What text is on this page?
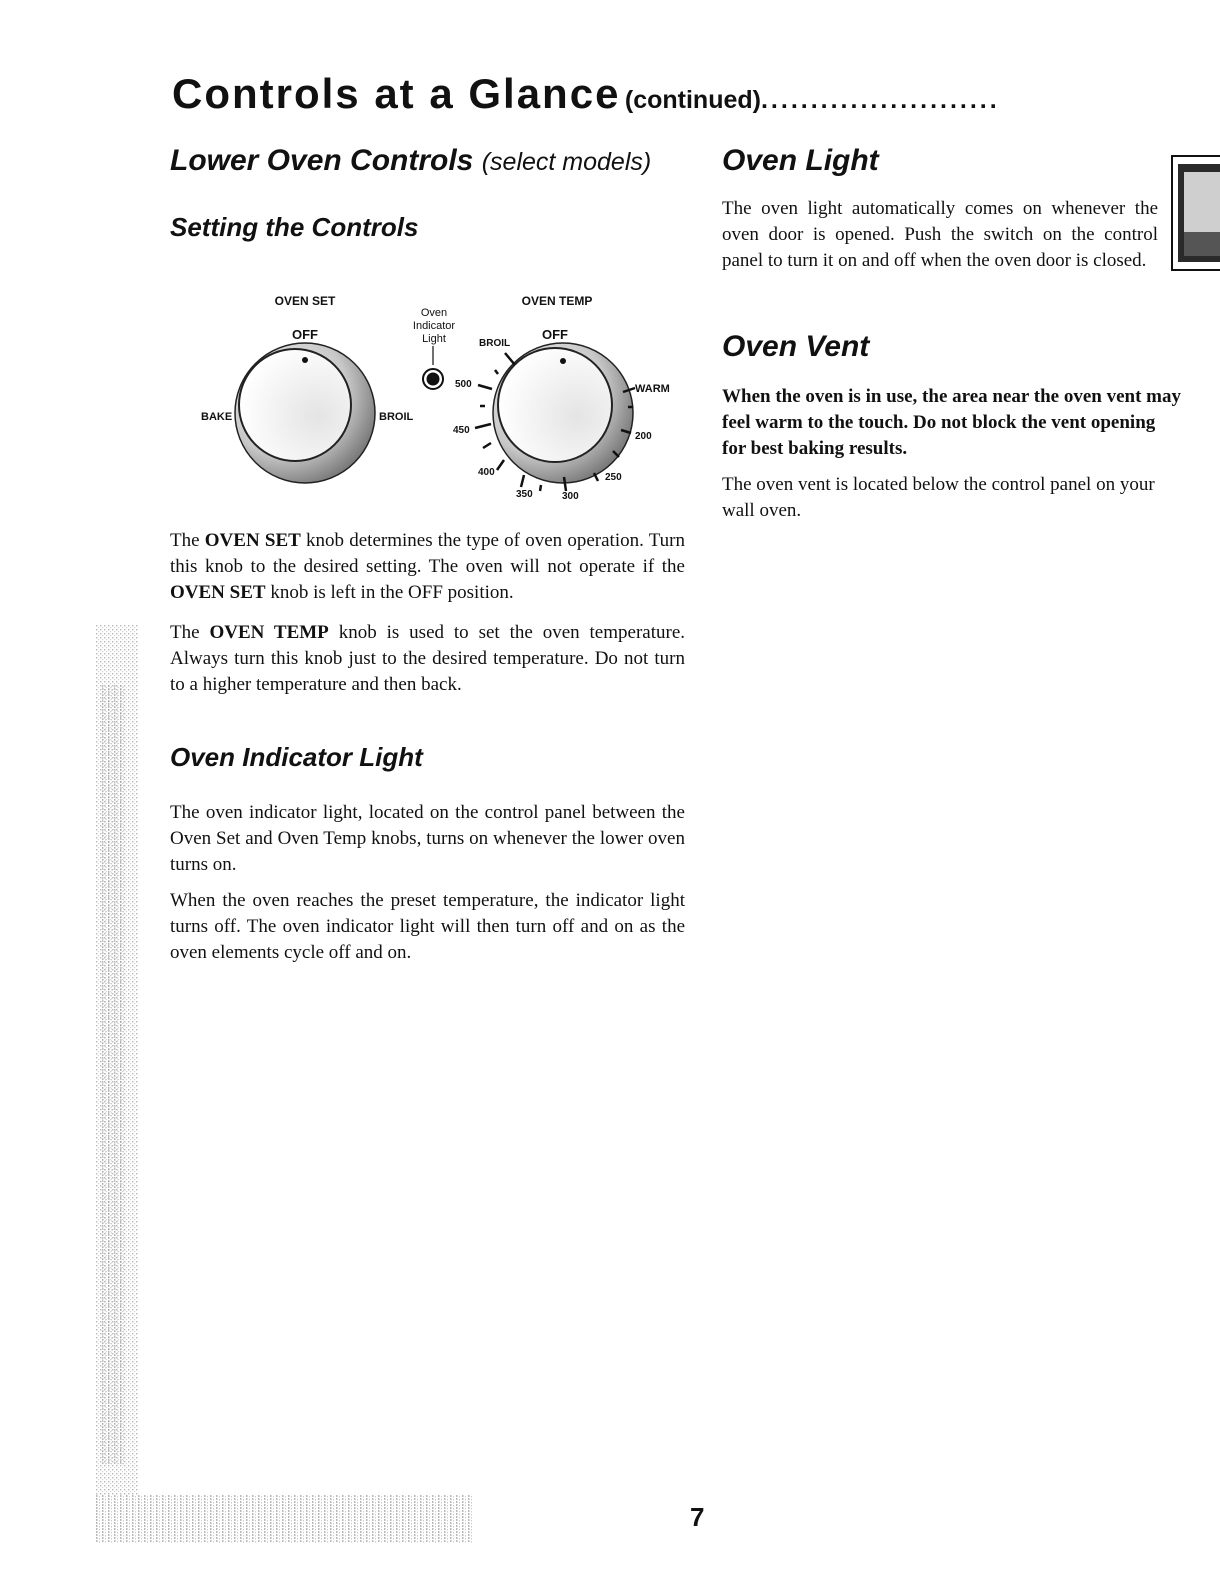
Controls at a Glance (continued)........................
Lower Oven Controls (select models)
Setting the Controls
OVEN SET
OFF
BAKE	BROIL
Oven
Indicator
Light
OVEN TEMP
OFF
BROIL
WARM
500
450
400
350	300
250
200

The OVEN SET knob determines the type of oven operation. Turn this knob to the desired setting. The oven will not operate if the OVEN SET knob is left in the OFF position.

The OVEN TEMP knob is used to set the oven temperature. Always turn this knob just to the desired temperature. Do not turn to a higher temperature and then back.

Oven Indicator Light

The oven indicator light, located on the control panel between the Oven Set and Oven Temp knobs, turns on whenever the lower oven turns on.

When the oven reaches the preset temperature, the indicator light turns off. The oven indicator light will then turn off and on as the oven elements cycle off and on.

Oven Light

The oven light automatically comes on whenever the oven door is opened. Push the switch on the control panel to turn it on and off when the oven door is closed.

Oven Vent

When the oven is in use, the area near the oven vent may

feel warm to the touch. Do not block the vent opening

for best baking results.

The oven vent is located below the control panel on your

wall oven.

7
